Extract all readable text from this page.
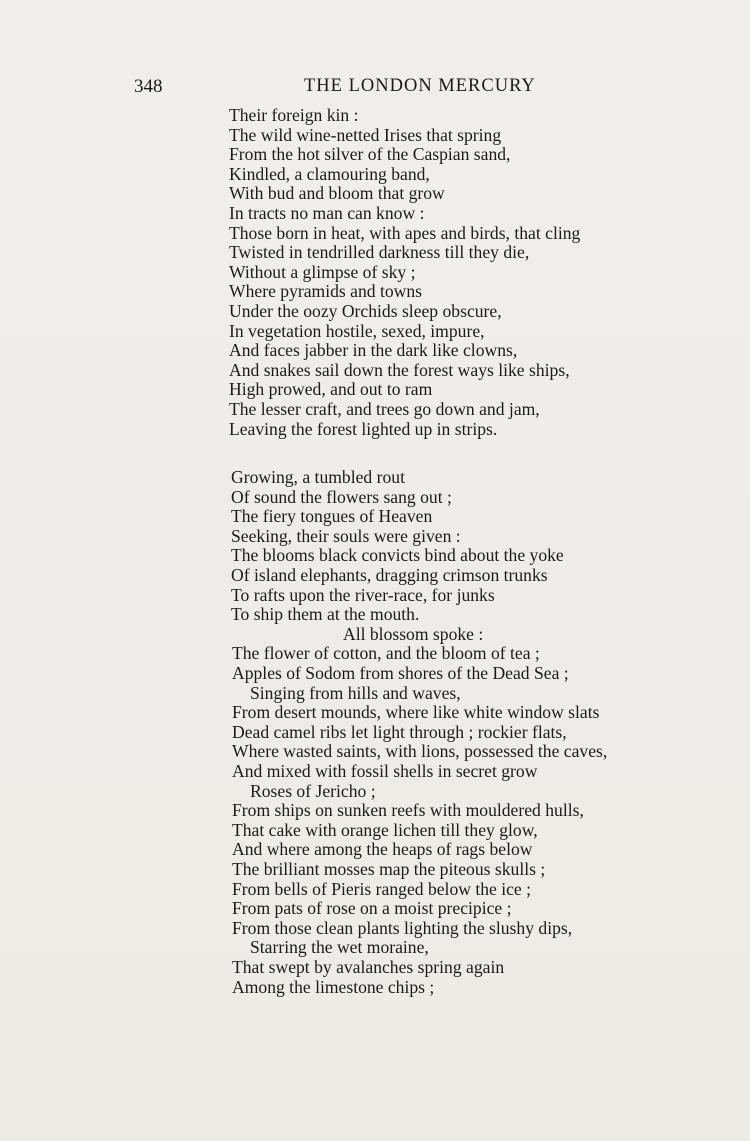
348	THE LONDON MERCURY
Their foreign kin :
The wild wine-netted Irises that spring
From the hot silver of the Caspian sand,
Kindled, a clamouring band,
With bud and bloom that grow
In tracts no man can know :
Those born in heat, with apes and birds, that cling
Twisted in tendrilled darkness till they die,
Without a glimpse of sky ;
Where pyramids and towns
Under the oozy Orchids sleep obscure,
In vegetation hostile, sexed, impure,
And faces jabber in the dark like clowns,
And snakes sail down the forest ways like ships,
High prowed, and out to ram
The lesser craft, and trees go down and jam,
Leaving the forest lighted up in strips.
Growing, a tumbled rout
Of sound the flowers sang out ;
The fiery tongues of Heaven
Seeking, their souls were given :
The blooms black convicts bind about the yoke
Of island elephants, dragging crimson trunks
To rafts upon the river-race, for junks
To ship them at the mouth.
All blossom spoke :
The flower of cotton, and the bloom of tea ;
Apples of Sodom from shores of the Dead Sea ;
Singing from hills and waves,
From desert mounds, where like white window slats
Dead camel ribs let light through ; rockier flats,
Where wasted saints, with lions, possessed the caves,
And mixed with fossil shells in secret grow
Roses of Jericho ;
From ships on sunken reefs with mouldered hulls,
That cake with orange lichen till they glow,
And where among the heaps of rags below
The brilliant mosses map the piteous skulls ;
From bells of Pieris ranged below the ice ;
From pats of rose on a moist precipice ;
From those clean plants lighting the slushy dips,
Starring the wet moraine,
That swept by avalanches spring again
Among the limestone chips ;
